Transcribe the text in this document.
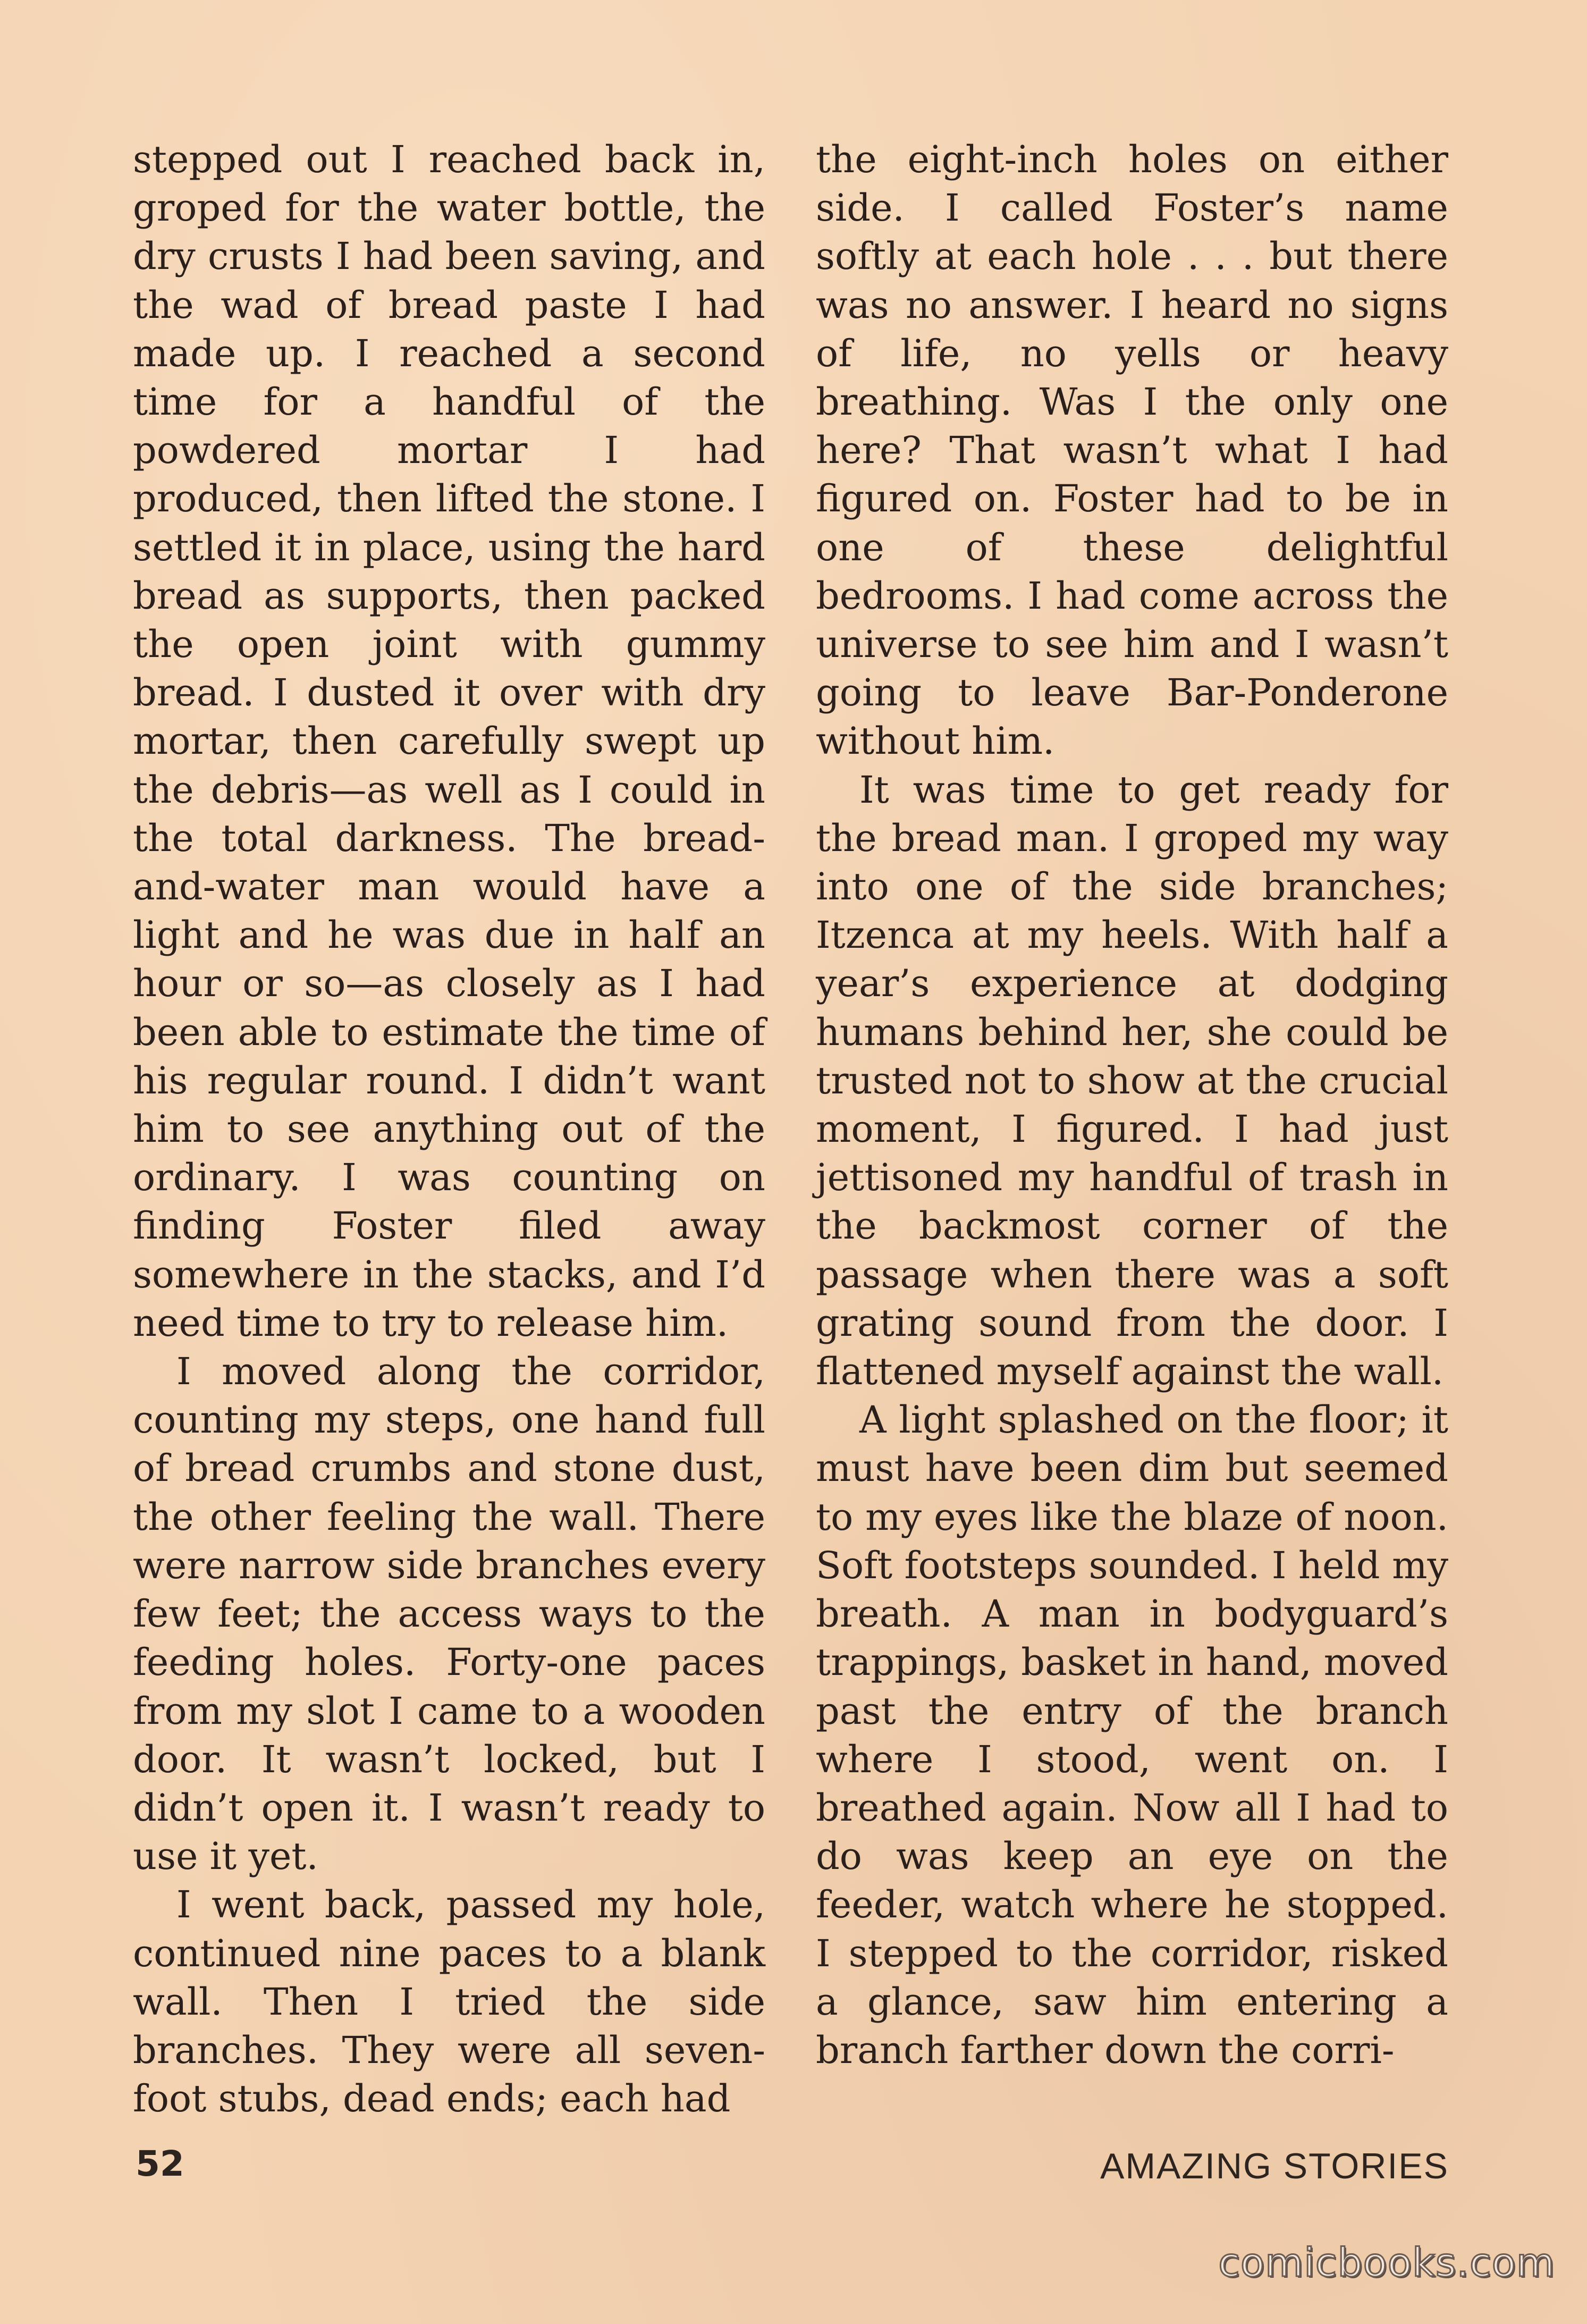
stepped out I reached back in, groped for the water bottle, the dry crusts I had been saving, and the wad of bread paste I had made up. I reached a second time for a handful of the powdered mortar I had produced, then lifted the stone. I settled it in place, using the hard bread as supports, then packed the open joint with gummy bread. I dusted it over with dry mortar, then carefully swept up the debris—as well as I could in the total darkness. The bread-and-water man would have a light and he was due in half an hour or so—as closely as I had been able to estimate the time of his regular round. I didn’t want him to see anything out of the ordinary. I was counting on finding Foster filed away somewhere in the stacks, and I’d need time to try to release him.

I moved along the corridor, counting my steps, one hand full of bread crumbs and stone dust, the other feeling the wall. There were narrow side branches every few feet; the access ways to the feeding holes. Forty-one paces from my slot I came to a wooden door. It wasn’t locked, but I didn’t open it. I wasn’t ready to use it yet.

I went back, passed my hole, continued nine paces to a blank wall. Then I tried the side branches. They were all seven-foot stubs, dead ends; each had

the eight-inch holes on either side. I called Foster’s name softly at each hole . . . but there was no answer. I heard no signs of life, no yells or heavy breathing. Was I the only one here? That wasn’t what I had figured on. Foster had to be in one of these delightful bedrooms. I had come across the universe to see him and I wasn’t going to leave Bar-Ponderone without him.

It was time to get ready for the bread man. I groped my way into one of the side branches; Itzenca at my heels. With half a year’s experience at dodging humans behind her, she could be trusted not to show at the crucial moment, I figured. I had just jettisoned my handful of trash in the backmost corner of the passage when there was a soft grating sound from the door. I flattened myself against the wall.

A light splashed on the floor; it must have been dim but seemed to my eyes like the blaze of noon. Soft footsteps sounded. I held my breath. A man in bodyguard’s trappings, basket in hand, moved past the entry of the branch where I stood, went on. I breathed again. Now all I had to do was keep an eye on the feeder, watch where he stopped. I stepped to the corridor, risked a glance, saw him entering a branch farther down the corri-

52	AMAZING STORIES
comicbooks.com
